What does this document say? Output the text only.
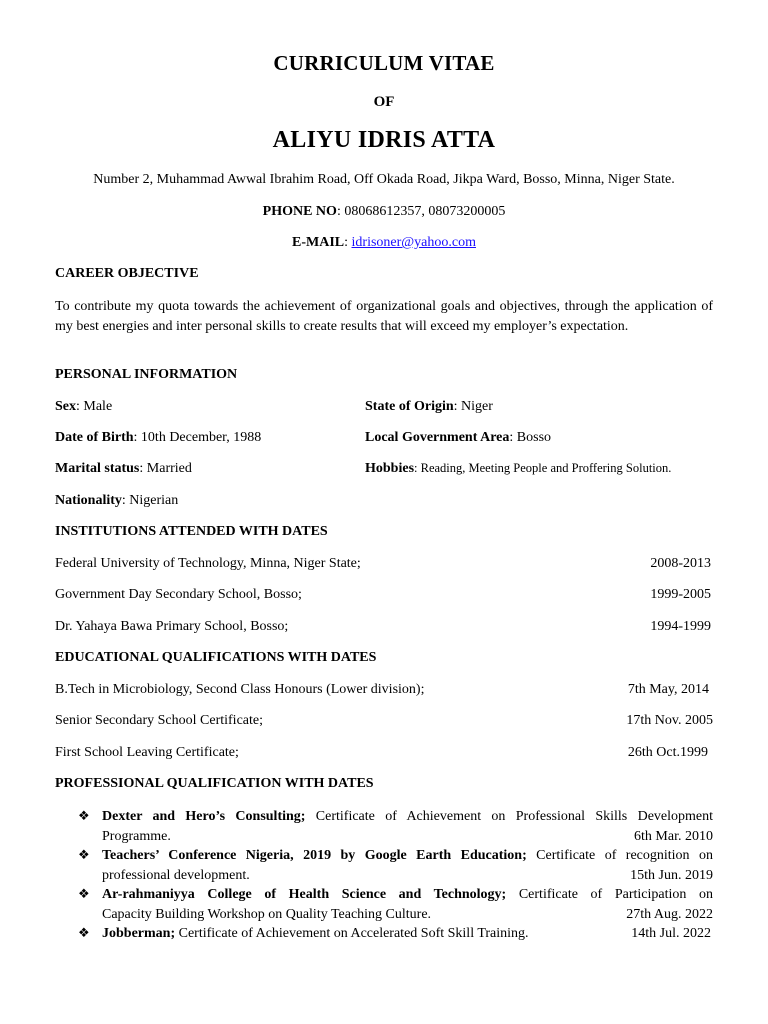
CURRICULUM VITAE
OF
ALIYU IDRIS ATTA
Number 2, Muhammad Awwal Ibrahim Road, Off Okada Road, Jikpa Ward, Bosso, Minna, Niger State.
PHONE NO: 08068612357, 08073200005
E-MAIL: idrisoner@yahoo.com
CAREER OBJECTIVE
To contribute my quota towards the achievement of organizational goals and objectives, through the application of my best energies and inter personal skills to create results that will exceed my employer’s expectation.
PERSONAL INFORMATION
Sex: Male	State of Origin: Niger
Date of Birth: 10th December, 1988	Local Government Area: Bosso
Marital status: Married	Hobbies: Reading, Meeting People and Proffering Solution.
Nationality: Nigerian
INSTITUTIONS ATTENDED WITH DATES
Federal University of Technology, Minna, Niger State;	2008-2013
Government Day Secondary School, Bosso;	1999-2005
Dr. Yahaya Bawa Primary School, Bosso;	1994-1999
EDUCATIONAL QUALIFICATIONS WITH DATES
B.Tech in Microbiology, Second Class Honours (Lower division);	7th May, 2014
Senior Secondary School Certificate;	17th Nov. 2005
First School Leaving Certificate;	26th Oct.1999
PROFESSIONAL QUALIFICATION WITH DATES
❖ Dexter and Hero’s Consulting; Certificate of Achievement on Professional Skills Development
Programme.	6th Mar. 2010
❖ Teachers’ Conference Nigeria, 2019 by Google Earth Education; Certificate of recognition on
professional development.	15th Jun. 2019
❖ Ar-rahmaniyya College of Health Science and Technology; Certificate of Participation on
Capacity Building Workshop on Quality Teaching Culture.	27th Aug. 2022
❖ Jobberman; Certificate of Achievement on Accelerated Soft Skill Training.	14th Jul. 2022
